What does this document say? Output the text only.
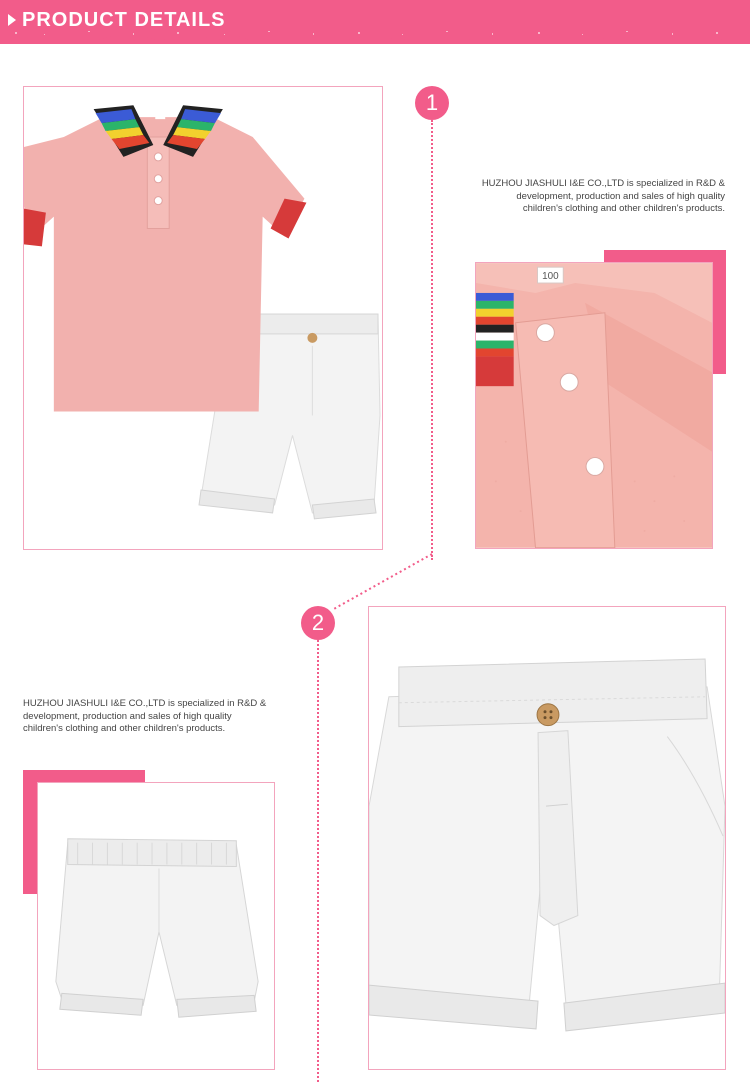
PRODUCT DETAILS
100
1
HUZHOU JIASHULI I&E CO.,LTD is specialized in R&D &
development, production and sales of high quality
children's clothing and other children's products.
2
HUZHOU JIASHULI I&E CO.,LTD is specialized in R&D &
development, production and sales of high quality
children's clothing and other children's products.
